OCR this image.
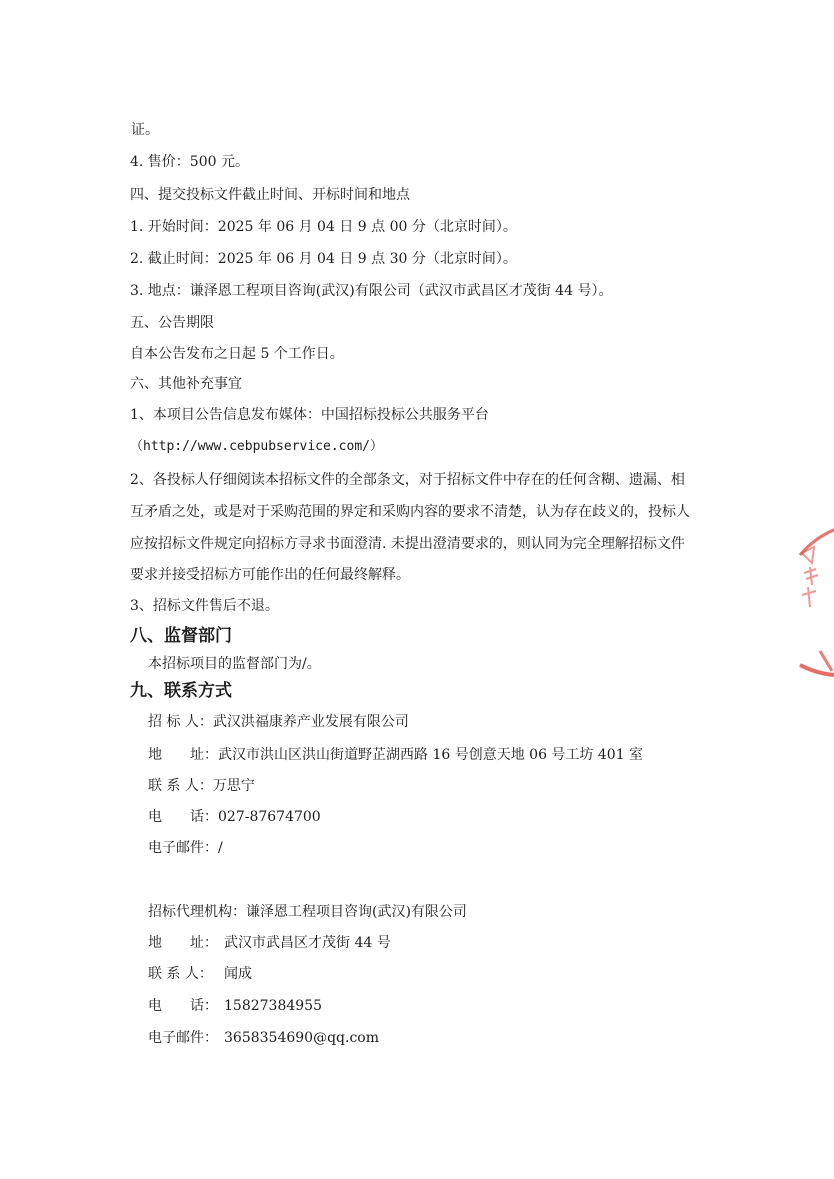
证。
4. 售价：500 元。
四、提交投标文件截止时间、开标时间和地点
1. 开始时间：2025 年 06 月 04 日 9 点 00 分（北京时间）。
2. 截止时间：2025 年 06 月 04 日 9 点 30 分（北京时间）。
3. 地点：谦泽恩工程项目咨询(武汉)有限公司（武汉市武昌区才茂街 44 号）。
五、公告期限
自本公告发布之日起 5 个工作日。
六、其他补充事宜
1、本项目公告信息发布媒体：中国招标投标公共服务平台
（http://www.cebpubservice.com/）
2、各投标人仔细阅读本招标文件的全部条文，对于招标文件中存在的任何含糊、遗漏、相
互矛盾之处，或是对于采购范围的界定和采购内容的要求不清楚，认为存在歧义的，投标人
应按招标文件规定向招标方寻求书面澄清. 未提出澄清要求的，则认同为完全理解招标文件
要求并接受招标方可能作出的任何最终解释。
3、招标文件售后不退。
八、监督部门
本招标项目的监督部门为/。
九、联系方式
招 标 人：武汉洪福康养产业发展有限公司
地　　址：武汉市洪山区洪山街道野芷湖西路 16 号创意天地 06 号工坊 401 室
联 系 人：万思宁
电　　话：027-87674700
电子邮件：/
招标代理机构：谦泽恩工程项目咨询(武汉)有限公司
地　　址： 武汉市武昌区才茂街 44 号
联 系 人： 闻成
电　　话： 15827384955
电子邮件： 3658354690@qq.com
